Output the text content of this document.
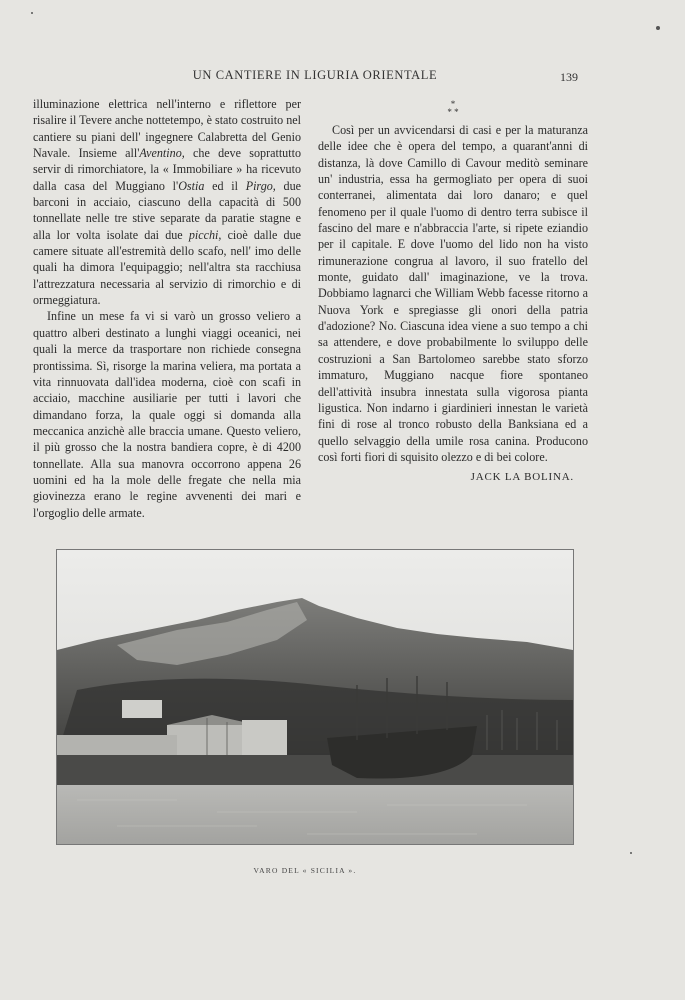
UN CANTIERE IN LIGURIA ORIENTALE	139

illuminazione elettrica nell'interno e riflettore per risalire il Tevere anche nottetempo, è stato costruito nel cantiere su piani dell' ingegnere Calabretta del Genio Navale. Insieme all'Aventino, che deve soprattutto servir di rimorchiatore, la « Immobiliare » ha ricevuto dalla casa del Muggiano l'Ostia ed il Pirgo, due barconi in acciaio, ciascuno della capacità di 500 tonnellate nelle tre stive separate da paratie stagne e alla lor volta isolate dai due picchi, cioè dalle due camere situate all'estremità dello scafo, nell' imo delle quali ha dimora l'equipaggio; nell'altra sta racchiusa l'attrezzatura necessaria al servizio di rimorchio e di ormeggiatura.

Infine un mese fa vi si varò un grosso veliero a quattro alberi destinato a lunghi viaggi oceanici, nei quali la merce da trasportare non richiede consegna prontissima. Sì, risorge la marina veliera, ma portata a vita rinnuovata dall'idea moderna, cioè con scafi in acciaio, macchine ausiliarie per tutti i lavori che dimandano forza, la quale oggi si domanda alla meccanica anzichè alle braccia umane. Questo veliero, il più grosso che la nostra bandiera copre, è di 4200 tonnellate. Alla sua manovra occorrono appena 26 uomini ed ha la mole delle fregate che nella mia giovinezza erano le regine avvenenti dei mari e l'orgoglio delle armate.

*
* *

Così per un avvicendarsi di casi e per la maturanza delle idee che è opera del tempo, a quarant'anni di distanza, là dove Camillo di Cavour meditò seminare un' industria, essa ha germogliato per opera di suoi conterranei, alimentata dai loro danaro; e quel fenomeno per il quale l'uomo di dentro terra subisce il fascino del mare e n'abbraccia l'arte, si ripete eziandio per il capitale. E dove l'uomo del lido non ha visto rimunerazione congrua al lavoro, il suo fratello del monte, guidato dall' imaginazione, ve la trova. Dobbiamo lagnarci che William Webb facesse ritorno a Nuova York e spregiasse gli onori della patria d'adozione? No. Ciascuna idea viene a suo tempo a chi sa attendere, e dove probabilmente lo sviluppo delle costruzioni a San Bartolomeo sarebbe stato sforzo immaturo, Muggiano nacque fiore spontaneo dell'attività insubra innestata sulla vigorosa pianta ligustica. Non indarno i giardinieri innestan le varietà fini di rose al tronco robusto della Banksiana ed a quello selvaggio della umile rosa canina. Producono così forti fiori di squisito olezzo e di bei colore.

JACK LA BOLINA.
VARO DEL « SICILIA ».
